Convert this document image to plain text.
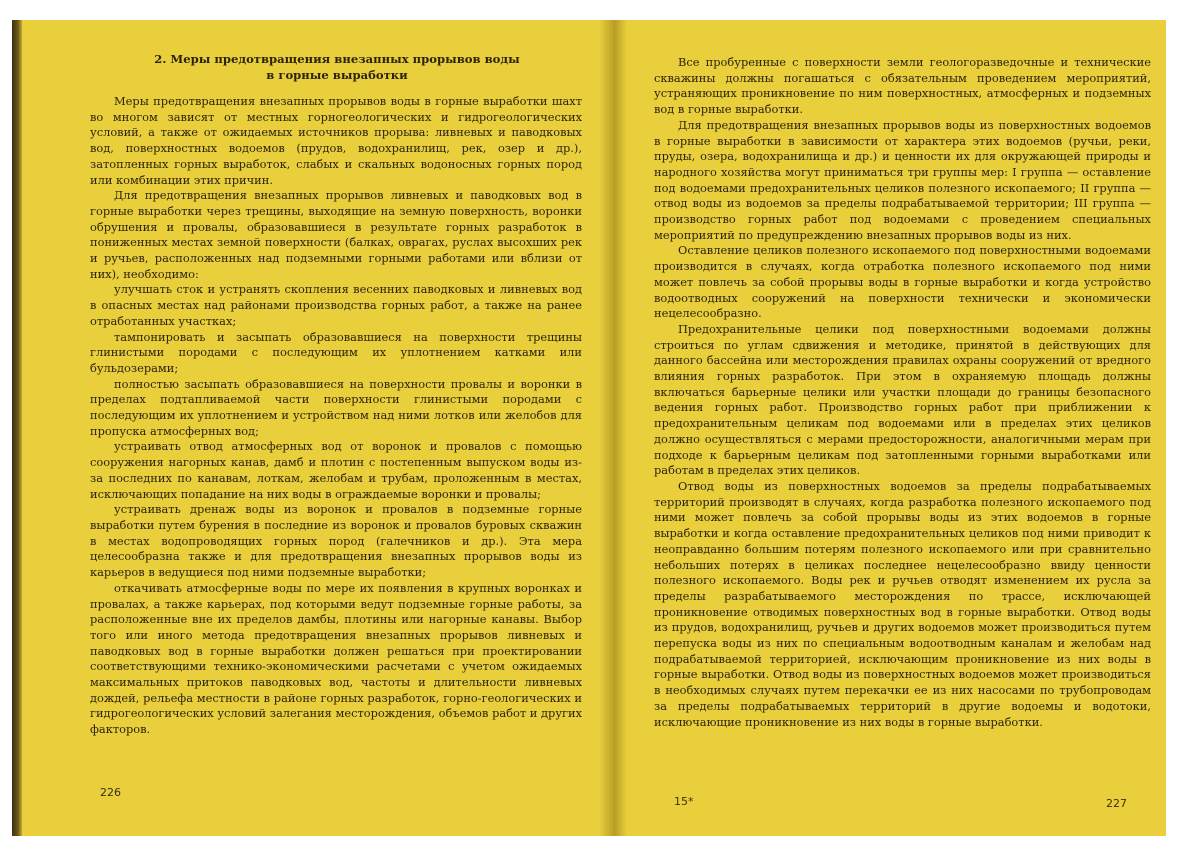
2. Меры предотвращения внезапных прорывов воды
в горные выработки

Меры предотвращения внезапных прорывов воды в горные выработки шахт во многом зависят от местных горногеологических и гидрогеологических условий, а также от ожидаемых источников прорыва: ливневых и паводковых вод, поверхностных водоемов (прудов, водохранилищ, рек, озер и др.), затопленных горных выработок, слабых и скальных водоносных горных пород или комбинации этих причин.

Для предотвращения внезапных прорывов ливневых и паводковых вод в горные выработки через трещины, выходящие на земную поверхность, воронки обрушения и провалы, образовавшиеся в результате горных разработок в пониженных местах земной поверхности (балках, оврагах, руслах высохших рек и ручьев, расположенных над подземными горными работами или вблизи от них), необходимо:

улучшать сток и устранять скопления весенних паводковых и ливневых вод в опасных местах над районами производства горных работ, а также на ранее отработанных участках;

тампонировать и засыпать образовавшиеся на поверхности трещины глинистыми породами с последующим их уплотнением катками или бульдозерами;

полностью засыпать образовавшиеся на поверхности провалы и воронки в пределах подтапливаемой части поверхности глинистыми породами с последующим их уплотнением и устройством над ними лотков или желобов для пропуска атмосферных вод;

устраивать отвод атмосферных вод от воронок и провалов с помощью сооружения нагорных канав, дамб и плотин с постепенным выпуском воды из-за последних по канавам, лоткам, желобам и трубам, проложенным в местах, исключающих попадание на них воды в ограждаемые воронки и провалы;

устраивать дренаж воды из воронок и провалов в подземные горные выработки путем бурения в последние из воронок и провалов буровых скважин в местах водопроводящих горных пород (галечников и др.). Эта мера целесообразна также и для предотвращения внезапных прорывов воды из карьеров в ведущиеся под ними подземные выработки;

откачивать атмосферные воды по мере их появления в крупных воронках и провалах, а также карьерах, под которыми ведут подземные горные работы, за расположенные вне их пределов дамбы, плотины или нагорные канавы. Выбор того или иного метода предотвращения внезапных прорывов ливневых и паводковых вод в горные выработки должен решаться при проектировании соответствующими технико-экономическими расчетами с учетом ожидаемых максимальных притоков паводковых вод, частоты и длительности ливневых дождей, рельефа местности в районе горных разработок, горно-геологических и гидрогеологических условий залегания месторождения, объемов работ и других факторов.

226

Все пробуренные с поверхности земли геологоразведочные и технические скважины должны погашаться с обязательным проведением мероприятий, устраняющих проникновение по ним поверхностных, атмосферных и подземных вод в горные выработки.

Для предотвращения внезапных прорывов воды из поверхностных водоемов в горные выработки в зависимости от характера этих водоемов (ручьи, реки, пруды, озера, водохранилища и др.) и ценности их для окружающей природы и народного хозяйства могут приниматься три группы мер: I группа — оставление под водоемами предохранительных целиков полезного ископаемого; II группа — отвод воды из водоемов за пределы подрабатываемой территории; III группа — производство горных работ под водоемами с проведением специальных мероприятий по предупреждению внезапных прорывов воды из них.

Оставление целиков полезного ископаемого под поверхностными водоемами производится в случаях, когда отработка полезного ископаемого под ними может повлечь за собой прорывы воды в горные выработки и когда устройство водоотводных сооружений на поверхности технически и экономически нецелесообразно.

Предохранительные целики под поверхностными водоемами должны строиться по углам сдвижения и методике, принятой в действующих для данного бассейна или месторождения правилах охраны сооружений от вредного влияния горных разработок. При этом в охраняемую площадь должны включаться барьерные целики или участки площади до границы безопасного ведения горных работ. Производство горных работ при приближении к предохранительным целикам под водоемами или в пределах этих целиков должно осуществляться с мерами предосторожности, аналогичными мерам при подходе к барьерным целикам под затопленными горными выработками или работам в пределах этих целиков.

Отвод воды из поверхностных водоемов за пределы подрабатываемых территорий производят в случаях, когда разработка полезного ископаемого под ними может повлечь за собой прорывы воды из этих водоемов в горные выработки и когда оставление предохранительных целиков под ними приводит к неоправданно большим потерям полезного ископаемого или при сравнительно небольших потерях в целиках последнее нецелесообразно ввиду ценности полезного ископаемого. Воды рек и ручьев отводят изменением их русла за пределы разрабатываемого месторождения по трассе, исключающей проникновение отводимых поверхностных вод в горные выработки. Отвод воды из прудов, водохранилищ, ручьев и других водоемов может производиться путем перепуска воды из них по специальным водоотводным каналам и желобам над подрабатываемой территорией, исключающим проникновение из них воды в горные выработки. Отвод воды из поверхностных водоемов может производиться в необходимых случаях путем перекачки ее из них насосами по трубопроводам за пределы подрабатываемых территорий в другие водоемы и водотоки, исключающие проникновение из них воды в горные выработки.

15*	227
